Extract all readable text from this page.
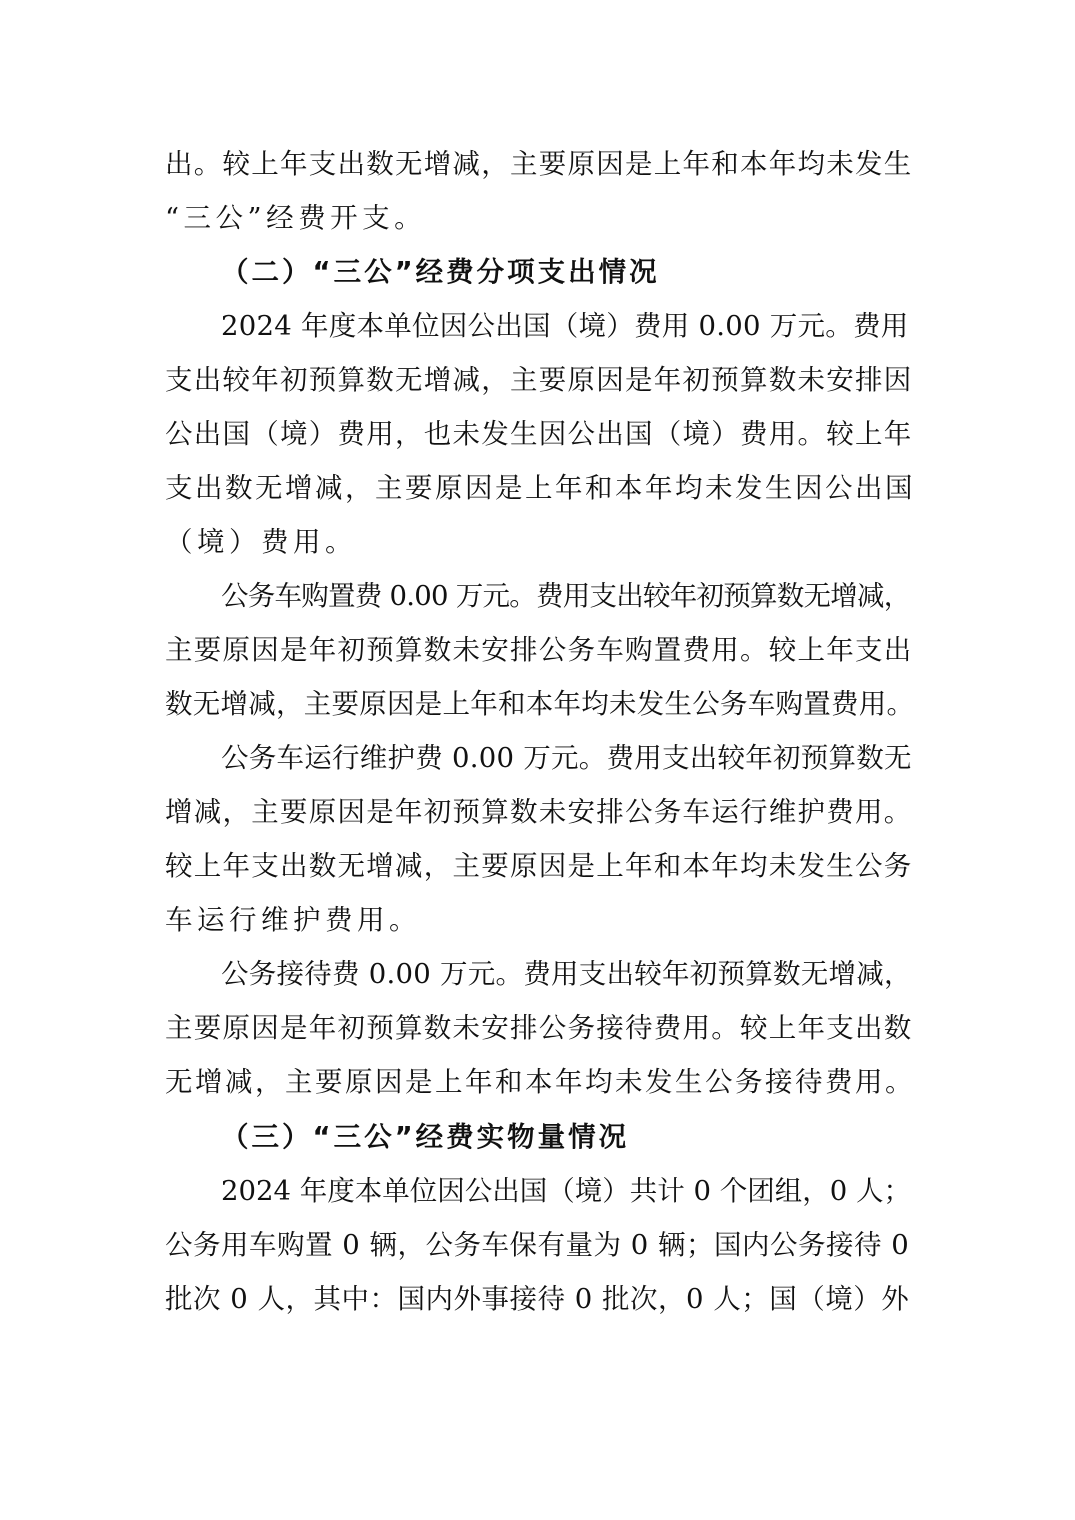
出。较上年支出数无增减，主要原因是上年和本年均未发生
“三公”经费开支。
（二）“三公”经费分项支出情况
2024 年度本单位因公出国（境）费用 0.00 万元。费用
支出较年初预算数无增减，主要原因是年初预算数未安排因
公出国（境）费用，也未发生因公出国（境）费用。较上年
支出数无增减，主要原因是上年和本年均未发生因公出国
（境）费用。
公务车购置费 0.00 万元。费用支出较年初预算数无增减，
主要原因是年初预算数未安排公务车购置费用。较上年支出
数无增减，主要原因是上年和本年均未发生公务车购置费用。
公务车运行维护费 0.00 万元。费用支出较年初预算数无
增减，主要原因是年初预算数未安排公务车运行维护费用。
较上年支出数无增减，主要原因是上年和本年均未发生公务
车运行维护费用。
公务接待费 0.00 万元。费用支出较年初预算数无增减，
主要原因是年初预算数未安排公务接待费用。较上年支出数
无增减，主要原因是上年和本年均未发生公务接待费用。
（三）“三公”经费实物量情况
2024 年度本单位因公出国（境）共计 0 个团组，0 人；
公务用车购置 0 辆，公务车保有量为 0 辆；国内公务接待 0
批次 0 人，其中：国内外事接待 0 批次，0 人；国（境）外
